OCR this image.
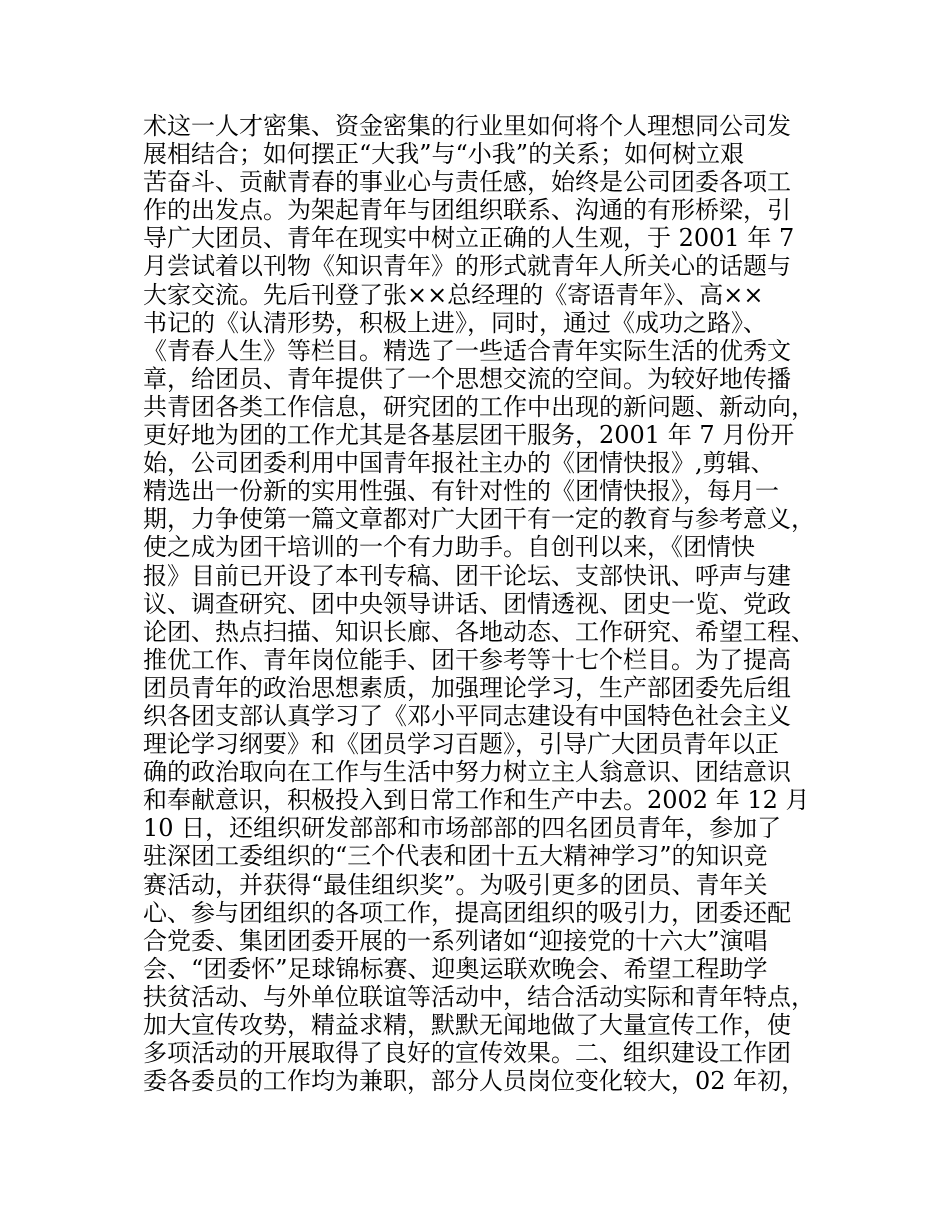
术这一人才密集、资金密集的行业里如何将个人理想同公司发
展相结合；如何摆正“大我”与“小我”的关系；如何树立艰
苦奋斗、贡献青春的事业心与责任感，始终是公司团委各项工
作的出发点。为架起青年与团组织联系、沟通的有形桥梁，引
导广大团员、青年在现实中树立正确的人生观，于 2001 年 7
月尝试着以刊物《知识青年》的形式就青年人所关心的话题与
大家交流。先后刊登了张××总经理的《寄语青年》、高××
书记的《认清形势，积极上进》，同时，通过《成功之路》、
《青春人生》等栏目。精选了一些适合青年实际生活的优秀文
章，给团员、青年提供了一个思想交流的空间。为较好地传播
共青团各类工作信息，研究团的工作中出现的新问题、新动向，
更好地为团的工作尤其是各基层团干服务，2001 年 7 月份开
始，公司团委利用中国青年报社主办的《团情快报》,剪辑、
精选出一份新的实用性强、有针对性的《团情快报》，每月一
期，力争使第一篇文章都对广大团干有一定的教育与参考意义，
使之成为团干培训的一个有力助手。自创刊以来，《团情快
报》目前已开设了本刊专稿、团干论坛、支部快讯、呼声与建
议、调查研究、团中央领导讲话、团情透视、团史一览、党政
论团、热点扫描、知识长廊、各地动态、工作研究、希望工程、
推优工作、青年岗位能手、团干参考等十七个栏目。为了提高
团员青年的政治思想素质，加强理论学习，生产部团委先后组
织各团支部认真学习了《邓小平同志建设有中国特色社会主义
理论学习纲要》和《团员学习百题》，引导广大团员青年以正
确的政治取向在工作与生活中努力树立主人翁意识、团结意识
和奉献意识，积极投入到日常工作和生产中去。2002 年 12 月
10 日，还组织研发部部和市场部部的四名团员青年，参加了
驻深团工委组织的“三个代表和团十五大精神学习”的知识竞
赛活动，并获得“最佳组织奖”。为吸引更多的团员、青年关
心、参与团组织的各项工作，提高团组织的吸引力，团委还配
合党委、集团团委开展的一系列诸如“迎接党的十六大”演唱
会、“团委怀”足球锦标赛、迎奥运联欢晚会、希望工程助学
扶贫活动、与外单位联谊等活动中，结合活动实际和青年特点，
加大宣传攻势，精益求精，默默无闻地做了大量宣传工作，使
多项活动的开展取得了良好的宣传效果。二、组织建设工作团
委各委员的工作均为兼职，部分人员岗位变化较大，02 年初，
